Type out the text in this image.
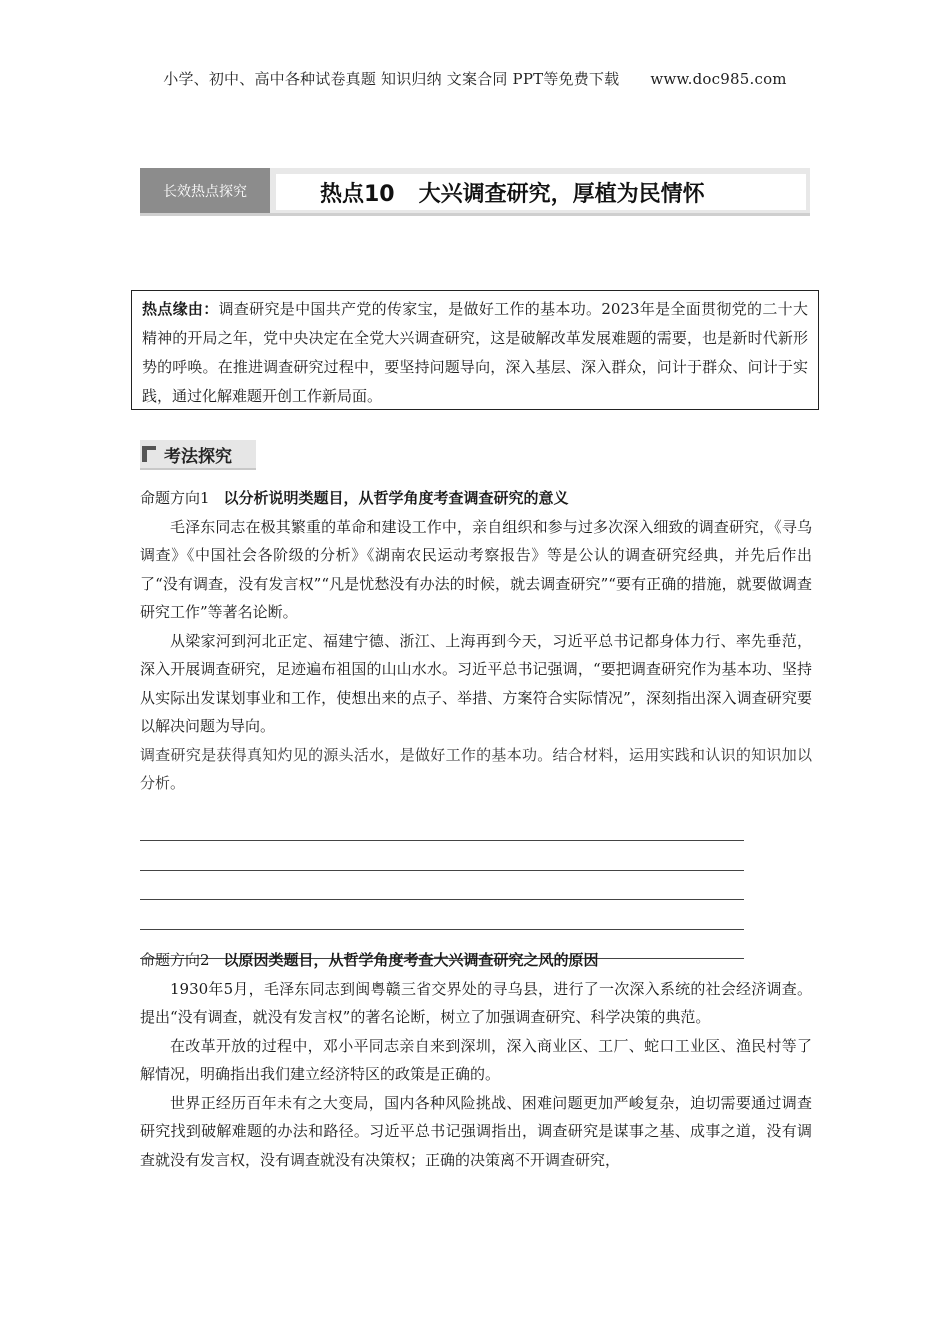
小学、初中、高中各种试卷真题 知识归纳 文案合同 PPT等免费下载 www.doc985.com
长效热点探究	热点10 大兴调查研究，厚植为民情怀
热点缘由：调查研究是中国共产党的传家宝，是做好工作的基本功。2023年是全面贯彻党的二十大精神的开局之年，党中央决定在全党大兴调查研究，这是破解改革发展难题的需要，也是新时代新形势的呼唤。在推进调查研究过程中，要坚持问题导向，深入基层、深入群众，问计于群众、问计于实践，通过化解难题开创工作新局面。
考法探究

命题方向1 以分析说明类题目，从哲学角度考查调查研究的意义

毛泽东同志在极其繁重的革命和建设工作中，亲自组织和参与过多次深入细致的调查研究，《寻乌调查》《中国社会各阶级的分析》《湖南农民运动考察报告》等是公认的调查研究经典，并先后作出了“没有调查，没有发言权”“凡是忧愁没有办法的时候，就去调查研究”“要有正确的措施，就要做调查研究工作”等著名论断。

从梁家河到河北正定、福建宁德、浙江、上海再到今天，习近平总书记都身体力行、率先垂范，深入开展调查研究，足迹遍布祖国的山山水水。习近平总书记强调，“要把调查研究作为基本功、坚持从实际出发谋划事业和工作，使想出来的点子、举措、方案符合实际情况”，深刻指出深入调查研究要以解决问题为导向。

调查研究是获得真知灼见的源头活水，是做好工作的基本功。结合材料，运用实践和认识的知识加以分析。

命题方向2 以原因类题目，从哲学角度考查大兴调查研究之风的原因

1930年5月，毛泽东同志到闽粤赣三省交界处的寻乌县，进行了一次深入系统的社会经济调查。提出“没有调查，就没有发言权”的著名论断，树立了加强调查研究、科学决策的典范。

在改革开放的过程中，邓小平同志亲自来到深圳，深入商业区、工厂、蛇口工业区、渔民村等了解情况，明确指出我们建立经济特区的政策是正确的。

世界正经历百年未有之大变局，国内各种风险挑战、困难问题更加严峻复杂，迫切需要通过调查研究找到破解难题的办法和路径。习近平总书记强调指出，调查研究是谋事之基、成事之道，没有调查就没有发言权，没有调查就没有决策权；正确的决策离不开调查研究，
